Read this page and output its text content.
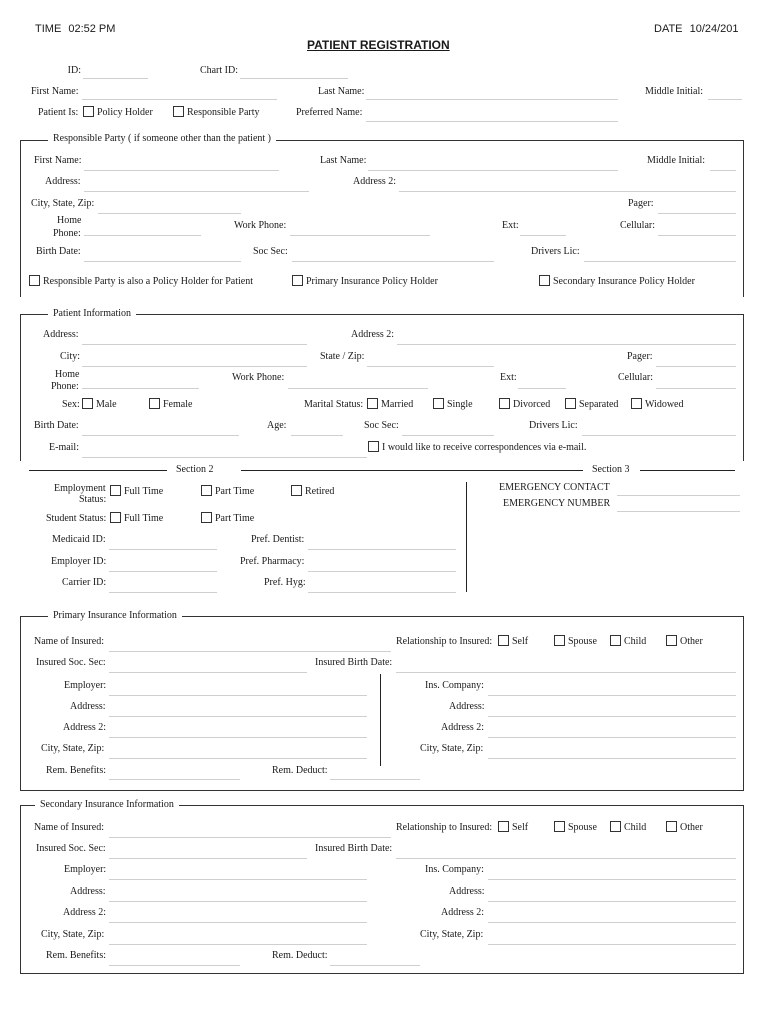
TIME 02:52 PM	DATE 10/24/201
PATIENT REGISTRATION
ID:	Chart ID:
First Name:	Last Name:	Middle Initial:
Patient Is: Policy Holder	Responsible Party	Preferred Name:
Responsible Party ( if someone other than the patient )
First Name:	Last Name:	Middle Initial:
Address:	Address 2:
City, State, Zip:	Pager:
Home
Phone:
Work Phone:	Ext:	Cellular:
Birth Date:	Soc Sec:	Drivers Lic:
Responsible Party is also a Policy Holder for Patient	Primary Insurance Policy Holder	Secondary Insurance Policy Holder
Patient Information
Address:	Address 2:
City:	State / Zip:	Pager:
Home
Phone:
Work Phone:	Ext:	Cellular:
Sex: Male	Female	Marital Status: Married	Single	Divorced	Separated	Widowed
Birth Date:	Age:	Soc Sec:	Drivers Lic:
E-mail:	I would like to receive correspondences via e-mail.
Section 2	Section 3
Employment
Status:
Full Time	Part Time	Retired
Student Status: Full Time	Part Time
Medicaid ID:	Pref. Dentist:
Employer ID:	Pref. Pharmacy:
Carrier ID:	Pref. Hyg:
EMERGENCY CONTACT
EMERGENCY NUMBER
Primary Insurance Information
Name of Insured:	Relationship to Insured: Self	Spouse	Child	Other
Insured Soc. Sec:	Insured Birth Date:
Employer:	Ins. Company:
Address:	Address:
Address 2:	Address 2:
City, State, Zip:	City, State, Zip:
Rem. Benefits:	Rem. Deduct:
Secondary Insurance Information
Name of Insured:	Relationship to Insured: Self	Spouse	Child	Other
Insured Soc. Sec:	Insured Birth Date:
Employer:	Ins. Company:
Address:	Address:
Address 2:	Address 2:
City, State, Zip:	City, State, Zip:
Rem. Benefits:	Rem. Deduct:
